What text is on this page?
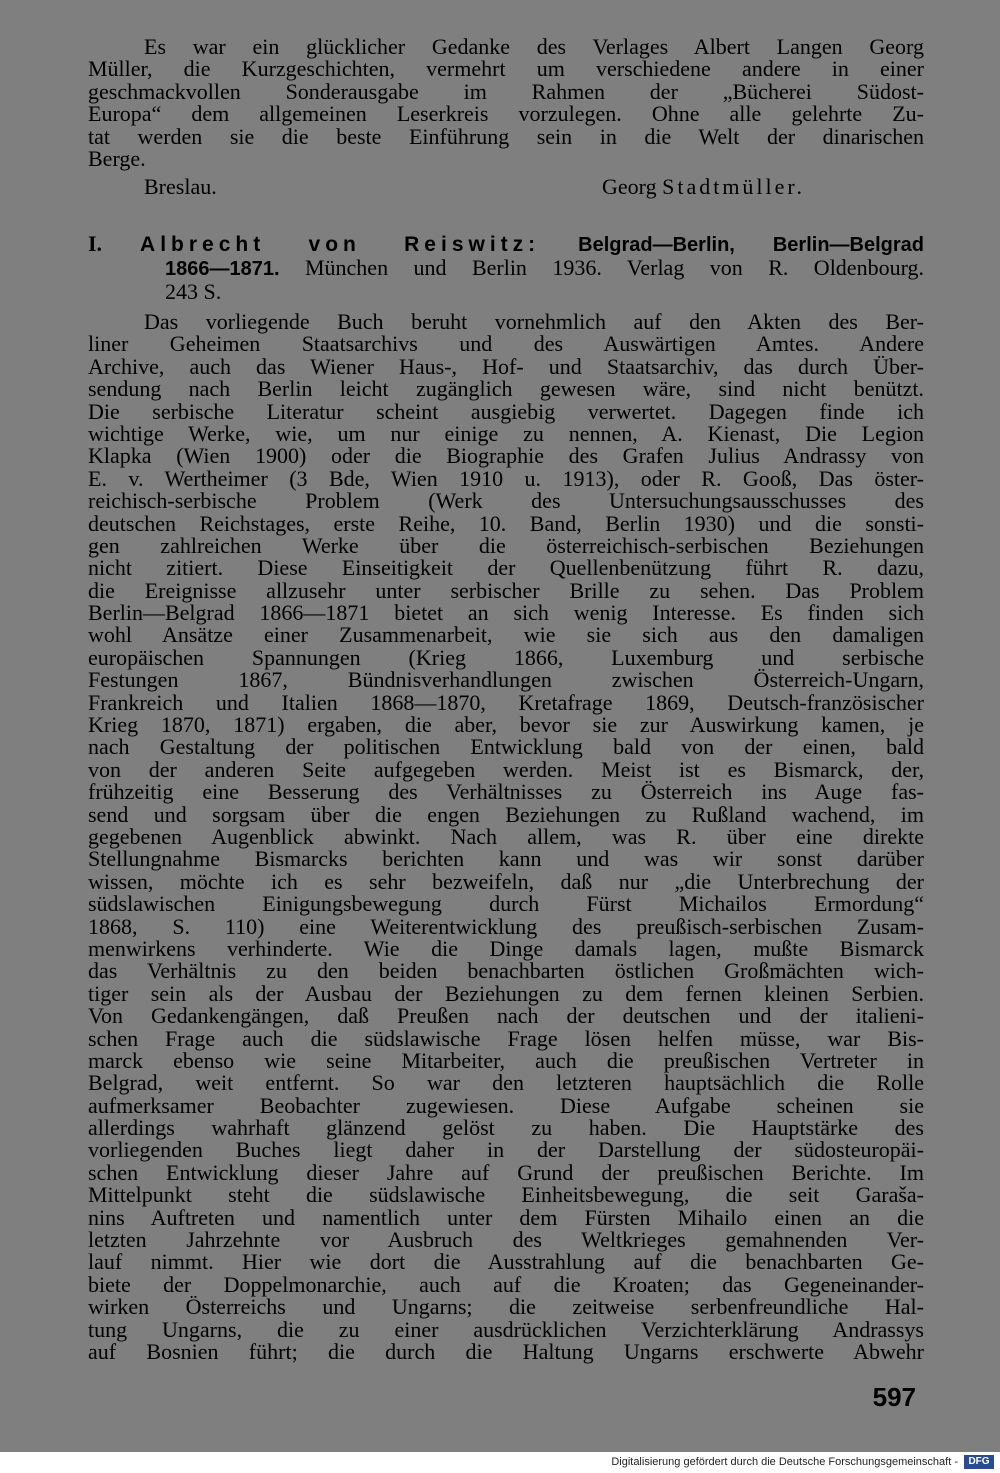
Es war ein glücklicher Gedanke des Verlages Albert Langen Georg
Müller, die Kurzgeschichten, vermehrt um verschiedene andere in einer
geschmackvollen Sonderausgabe im Rahmen der „Bücherei Südost-
Europa“ dem allgemeinen Leserkreis vorzulegen. Ohne alle gelehrte Zu-
tat werden sie die beste Einführung sein in die Welt der dinarischen
Berge.
Breslau.	Georg Stadtmüller.
I. Albrecht von Reiswitz: Belgrad—Berlin, Berlin—Belgrad
1866—1871. München und Berlin 1936. Verlag von R. Oldenbourg.
243 S.
Das vorliegende Buch beruht vornehmlich auf den Akten des Ber-
liner Geheimen Staatsarchivs und des Auswärtigen Amtes. Andere
Archive, auch das Wiener Haus-, Hof- und Staatsarchiv, das durch Über-
sendung nach Berlin leicht zugänglich gewesen wäre, sind nicht benützt.
Die serbische Literatur scheint ausgiebig verwertet. Dagegen finde ich
wichtige Werke, wie, um nur einige zu nennen, A. Kienast, Die Legion
Klapka (Wien 1900) oder die Biographie des Grafen Julius Andrassy von
E. v. Wertheimer (3 Bde, Wien 1910 u. 1913), oder R. Gooß, Das öster-
reichisch-serbische Problem (Werk des Untersuchungsausschusses des
deutschen Reichstages, erste Reihe, 10. Band, Berlin 1930) und die sonsti-
gen zahlreichen Werke über die österreichisch-serbischen Beziehungen
nicht zitiert. Diese Einseitigkeit der Quellenbenützung führt R. dazu,
die Ereignisse allzusehr unter serbischer Brille zu sehen. Das Problem
Berlin—Belgrad 1866—1871 bietet an sich wenig Interesse. Es finden sich
wohl Ansätze einer Zusammenarbeit, wie sie sich aus den damaligen
europäischen Spannungen (Krieg 1866, Luxemburg und serbische
Festungen 1867, Bündnisverhandlungen zwischen Österreich-Ungarn,
Frankreich und Italien 1868—1870, Kretafrage 1869, Deutsch-französischer
Krieg 1870, 1871) ergaben, die aber, bevor sie zur Auswirkung kamen, je
nach Gestaltung der politischen Entwicklung bald von der einen, bald
von der anderen Seite aufgegeben werden. Meist ist es Bismarck, der,
frühzeitig eine Besserung des Verhältnisses zu Österreich ins Auge fas-
send und sorgsam über die engen Beziehungen zu Rußland wachend, im
gegebenen Augenblick abwinkt. Nach allem, was R. über eine direkte
Stellungnahme Bismarcks berichten kann und was wir sonst darüber
wissen, möchte ich es sehr bezweifeln, daß nur „die Unterbrechung der
südslawischen Einigungsbewegung durch Fürst Michailos Ermordung“
1868, S. 110) eine Weiterentwicklung des preußisch-serbischen Zusam-
menwirkens verhinderte. Wie die Dinge damals lagen, mußte Bismarck
das Verhältnis zu den beiden benachbarten östlichen Großmächten wich-
tiger sein als der Ausbau der Beziehungen zu dem fernen kleinen Serbien.
Von Gedankengängen, daß Preußen nach der deutschen und der italieni-
schen Frage auch die südslawische Frage lösen helfen müsse, war Bis-
marck ebenso wie seine Mitarbeiter, auch die preußischen Vertreter in
Belgrad, weit entfernt. So war den letzteren hauptsächlich die Rolle
aufmerksamer Beobachter zugewiesen. Diese Aufgabe scheinen sie
allerdings wahrhaft glänzend gelöst zu haben. Die Hauptstärke des
vorliegenden Buches liegt daher in der Darstellung der südosteuropäi-
schen Entwicklung dieser Jahre auf Grund der preußischen Berichte. Im
Mittelpunkt steht die südslawische Einheitsbewegung, die seit Garaša-
nins Auftreten und namentlich unter dem Fürsten Mihailo einen an die
letzten Jahrzehnte vor Ausbruch des Weltkrieges gemahnenden Ver-
lauf nimmt. Hier wie dort die Ausstrahlung auf die benachbarten Ge-
biete der Doppelmonarchie, auch auf die Kroaten; das Gegeneinander-
wirken Österreichs und Ungarns; die zeitweise serbenfreundliche Hal-
tung Ungarns, die zu einer ausdrücklichen Verzichterklärung Andrassys
auf Bosnien führt; die durch die Haltung Ungarns erschwerte Abwehr
597
Digitalisierung gefördert durch die Deutsche Forschungsgemeinschaft -	DFG
